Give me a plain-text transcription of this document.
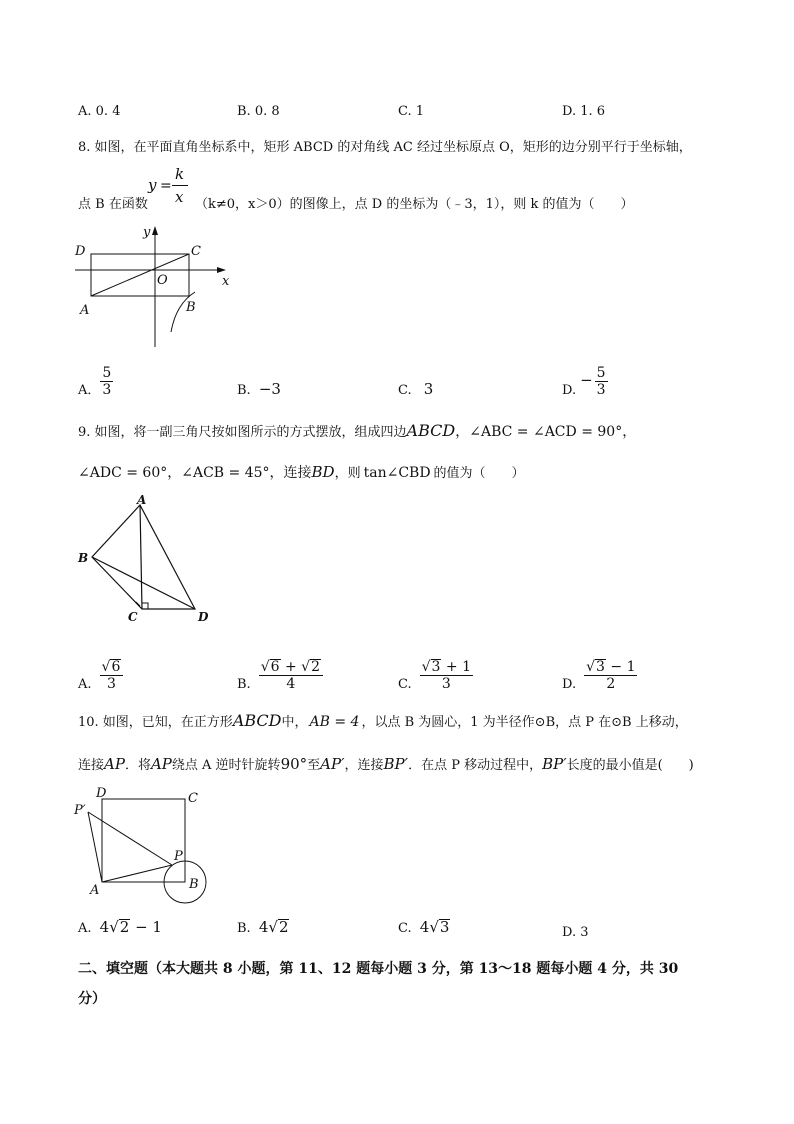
A. 0. 4	B. 0. 8	C. 1	D. 1. 6
8. 如图，在平面直角坐标系中，矩形 ABCD 的对角线 AC 经过坐标原点 O，矩形的边分别平行于坐标轴，
点 B 在函数
y =
k
x （k≠0，x＞0）的图像上，点 D 的坐标为（﹣3，1），则 k 的值为（　　）
D	C
y
O	x
A	B
A． $\frac{5}{3}$	B. −3	C. 3	D.
− $\frac{5}{3}$
9. 如图，将一副三角尺按如图所示的方式摆放，组成四边ABCD，∠ABC = ∠ACD = 90°，
∠ADC = 60°，∠ACB = 45°，连接BD，则 tan∠CBD 的值为（　　）
A
B
C	D
A. $\frac{√6}{3}$	B. $\frac{√6 + √2}{4}$	C. $\frac{√3 + 1}{3}$	D. $\frac{√3 - 1}{2}$
10. 如图，已知，在正方形ABCD中， AB = 4 ，以点 B 为圆心，1 为半径作⊙B，点 P 在⊙B 上移动，
连接AP．将AP绕点 A 逆时针旋转90°至AP′，连接BP′．在点 P 移动过程中，BP′长度的最小值是(　　)
D	C
P′
P
A	B
A. 4√2 − 1	B. 4√2	C. 4√3	D. 3
二、填空题（本大题共 8 小题，第 11、12 题每小题 3 分，第 13～18 题每小题 4 分，共 30
分）
